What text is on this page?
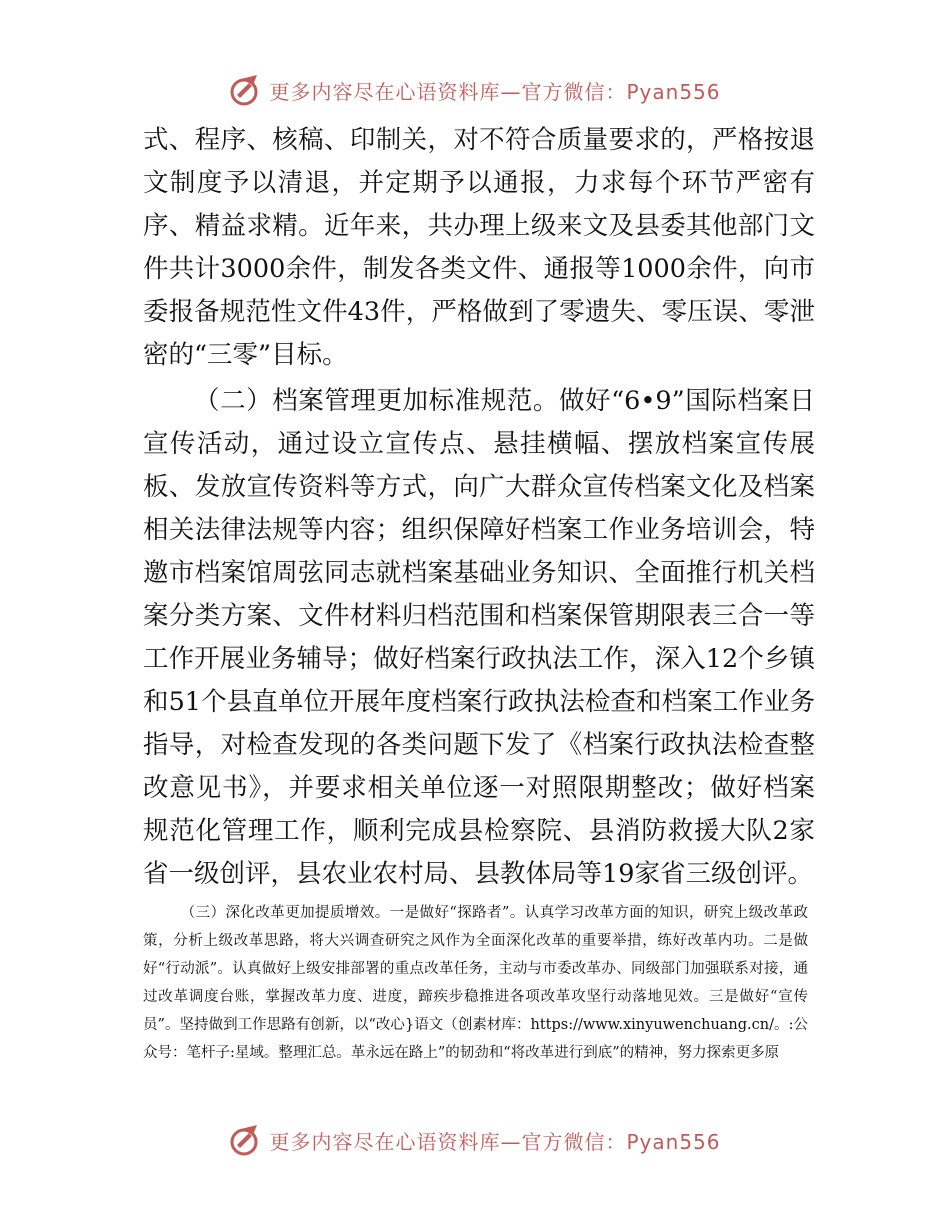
更多内容尽在心语资料库—官方微信：Pyan556

式、程序、核稿、印制关，对不符合质量要求的，严格按退文制度予以清退，并定期予以通报，力求每个环节严密有序、精益求精。近年来，共办理上级来文及县委其他部门文件共计3000余件，制发各类文件、通报等1000余件，向市委报备规范性文件43件，严格做到了零遗失、零压误、零泄密的“三零”目标。

（二）档案管理更加标准规范。做好“6•9”国际档案日宣传活动，通过设立宣传点、悬挂横幅、摆放档案宣传展板、发放宣传资料等方式，向广大群众宣传档案文化及档案相关法律法规等内容；组织保障好档案工作业务培训会，特邀市档案馆周弦同志就档案基础业务知识、全面推行机关档案分类方案、文件材料归档范围和档案保管期限表三合一等工作开展业务辅导；做好档案行政执法工作，深入12个乡镇和51个县直单位开展年度档案行政执法检查和档案工作业务指导，对检查发现的各类问题下发了《档案行政执法检查整改意见书》，并要求相关单位逐一对照限期整改；做好档案规范化管理工作，顺利完成县检察院、县消防救援大队2家省一级创评，县农业农村局、县教体局等19家省三级创评。

（三）深化改革更加提质增效。一是做好“探路者”。认真学习改革方面的知识，研究上级改革政策，分析上级改革思路，将大兴调查研究之风作为全面深化改革的重要举措，练好改革内功。二是做好“行动派”。认真做好上级安排部署的重点改革任务，主动与市委改革办、同级部门加强联系对接，通过改革调度台账，掌握改革力度、进度，蹄疾步稳推进各项改革攻坚行动落地见效。三是做好“宣传员”。坚持做到工作思路有创新，以“改心}语文（创素材库：https://www.xinyuwenchuang.cn/。:公众号：笔杆子:星域。整理汇总。革永远在路上”的韧劲和“将改革进行到底”的精神，努力探索更多原

更多内容尽在心语资料库—官方微信：Pyan556
